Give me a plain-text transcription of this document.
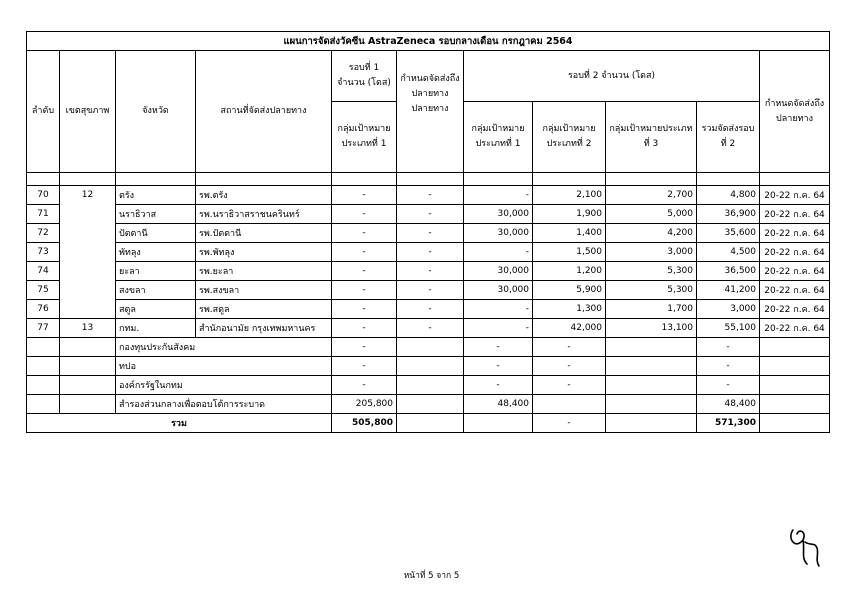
แผนการจัดส่งวัคซีน AstraZeneca รอบกลางเดือน กรกฎาคม 2564										
ลำดับ	เขตสุขภาพ	จังหวัด	สถานที่จัดส่งปลายทาง	รอบที่ 1 จำนวน (โดส)	กำหนดจัดส่งถึงปลายทาง	รอบที่ 2 จำนวน (โดส)				กำหนดจัดส่งถึงปลายทาง
				กลุ่มเป้าหมายประเภทที่ 1	ปลายทาง	กลุ่มเป้าหมายประเภทที่ 1	กลุ่มเป้าหมายประเภทที่ 2	กลุ่มเป้าหมายประเภทที่ 3	รวมจัดส่งรอบที่ 2	

70	12	ตรัง	รพ.ตรัง	-	-	-	2,100	2,700	4,800	20-22 ก.ค. 64
71		นราธิวาส	รพ.นราธิวาสราชนครินทร์	-	-	30,000	1,900	5,000	36,900	20-22 ก.ค. 64
72		ปัตตานี	รพ.ปัตตานี	-	-	30,000	1,400	4,200	35,600	20-22 ก.ค. 64
73		พัทลุง	รพ.พัทลุง	-	-	-	1,500	3,000	4,500	20-22 ก.ค. 64
74		ยะลา	รพ.ยะลา	-	-	30,000	1,200	5,300	36,500	20-22 ก.ค. 64
75		สงขลา	รพ.สงขลา	-	-	30,000	5,900	5,300	41,200	20-22 ก.ค. 64
76		สตูล	รพ.สตูล	-	-	-	1,300	1,700	3,000	20-22 ก.ค. 64
77	13	กทม.	สำนักอนามัย กรุงเทพมหานคร	-	-	-	42,000	13,100	55,100	20-22 ก.ค. 64
		กองทุนประกันสังคม		-		-	-		-	
		ทปอ		-		-	-		-	
		องค์กรรัฐในกทม		-		-	-		-	
		สำรองส่วนกลางเพื่อตอบโต้การระบาด		205,800		48,400			48,400	
รวม				505,800			-		571,300	
หน้าที่ 5 จาก 5
